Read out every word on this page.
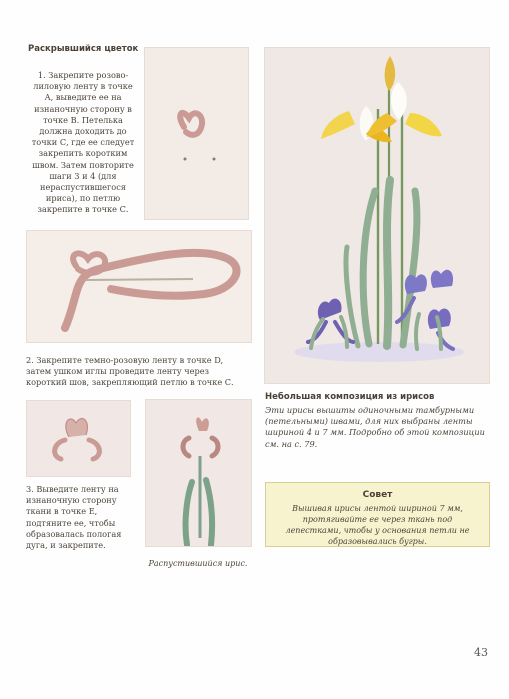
Раскрывшийся цветок
1. Закрепите розово-лиловую ленту в точке А, выведите ее на изнаночную сторону в точке В. Петелька должна доходить до точки С, где ее следует закрепить коротким швом. Затем повторите шаги 3 и 4 (для нераспустившегося ириса), по петлю закрепите в точке С.
2. Закрепите темно-розовую ленту в точке D, затем ушком иглы проведите ленту через короткий шов, закрепляющий петлю в точке С.
3. Выведите ленту на изнаночную сторону ткани в точке Е, подтяните ее, чтобы образовалась пологая дуга, и закрепите.
Распустившийся ирис.
Небольшая композиция из ирисов
Эти ирисы вышиты одиночными тамбурными (петельными) швами, для них выбраны ленты шириной 4 и 7 мм. Подробно об этой композиции см. на с. 79.
Совет
Вышивая ирисы лентой шириной 7 мм, протягивайте ее через ткань под лепестками, чтобы у основания петли не образовывались бугры.
43
